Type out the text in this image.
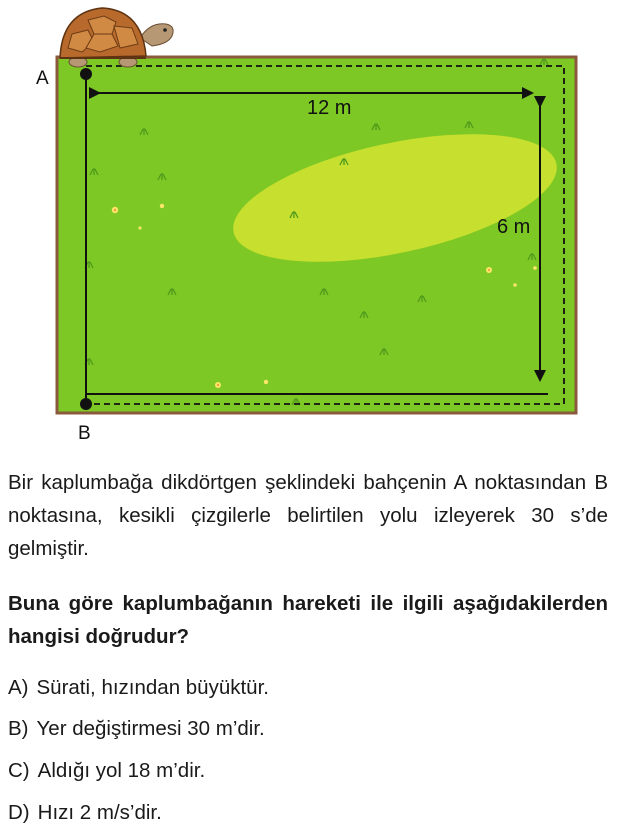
A
B
12 m
6 m

Bir kaplumbağa dikdörtgen şeklindeki bahçenin A noktasından B noktasına, kesikli çizgilerle belirtilen yolu izleyerek 30 s’de gelmiştir.

Buna göre kaplumbağanın hareketi ile ilgili aşağıdakilerden hangisi doğrudur?

A) Sürati, hızından büyüktür.
B) Yer değiştirmesi 30 m’dir.
C) Aldığı yol 18 m’dir.
D) Hızı 2 m/s’dir.
